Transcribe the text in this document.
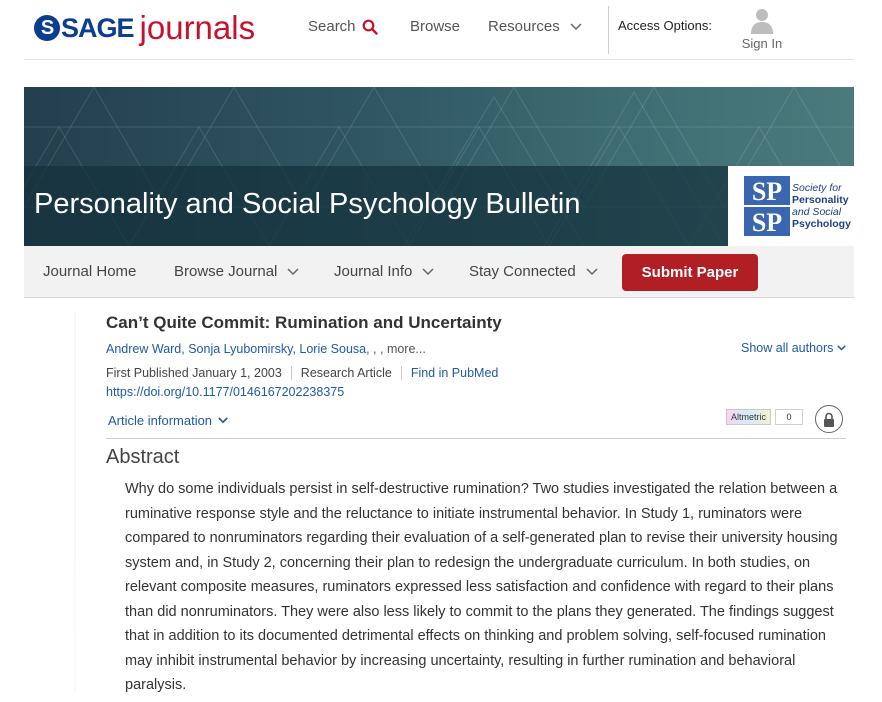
S SAGE journals	Search	Browse Resources	Access Options:
Sign In
Personality and Social Psychology Bulletin	SP
SP
Society for
Personality
and Social
Psychology
Journal Home	Browse Journal	Journal Info	Stay Connected	Submit Paper
Can’t Quite Commit: Rumination and Uncertainty
Andrew Ward, Sonja Lyubomirsky, Lorie Sousa, , , more...	Show all authors
First Published January 1, 2003 Research Article Find in PubMed
https://doi.org/10.1177/0146167202238375
Article information	Altmetric	0
Abstract
Why do some individuals persist in self-destructive rumination? Two studies investigated the relation between a ruminative response style and the reluctance to initiate instrumental behavior. In Study 1, ruminators were compared to nonruminators regarding their evaluation of a self-generated plan to revise their university housing system and, in Study 2, concerning their plan to redesign the undergraduate curriculum. In both studies, on relevant composite measures, ruminators expressed less satisfaction and confidence with regard to their plans than did nonruminators. They were also less likely to commit to the plans they generated. The findings suggest that in addition to its documented detrimental effects on thinking and problem solving, self-focused rumination may inhibit instrumental behavior by increasing uncertainty, resulting in further rumination and behavioral paralysis.
